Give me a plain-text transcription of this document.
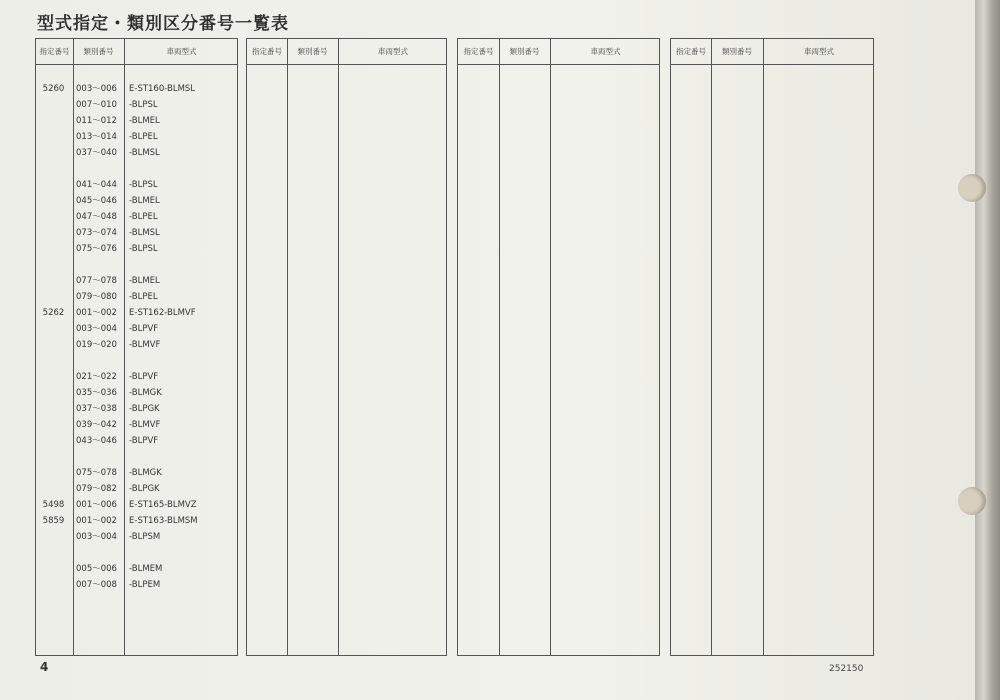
型式指定・類別区分番号一覧表
指定番号	類別番号	車両型式
5260	003～006 E-ST160-BLMSL
007～010 -BLPSL
011～012 -BLMEL
013～014 -BLPEL
037～040 -BLMSL
041～044 -BLPSL
045～046 -BLMEL
047～048 -BLPEL
073～074 -BLMSL
075～076 -BLPSL
077～078 -BLMEL
079～080 -BLPEL
5262	001～002 E-ST162-BLMVF
003～004 -BLPVF
019～020 -BLMVF
021～022 -BLPVF
035～036 -BLMGK
037～038 -BLPGK
039～042 -BLMVF
043～046 -BLPVF
075～078 -BLMGK
079～082 -BLPGK
5498	001～006 E-ST165-BLMVZ
5859	001～002 E-ST163-BLMSM
003～004 -BLPSM
005～006 -BLMEM
007～008 -BLPEM
指定番号	類別番号	車両型式	指定番号	類別番号	車両型式	指定番号	類別番号	車両型式
4	252150
